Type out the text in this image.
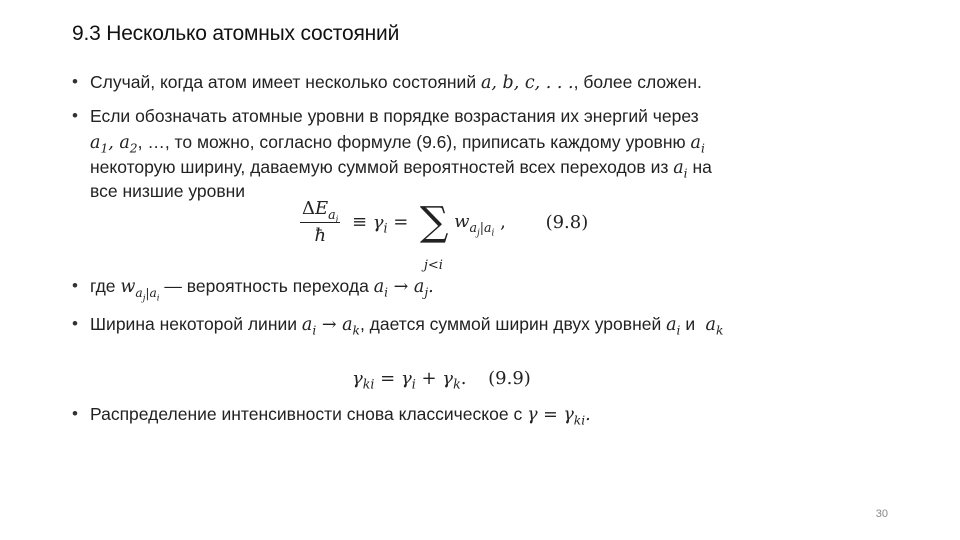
9.3 Несколько атомных состояний
• Случай, когда атом имеет несколько состояний a, b, c, . . ., более сложен.
• Если обозначать атомные уровни в порядке возрастания их энергий через
$a_1$, $a_2$, …, то можно, согласно формуле (9.6), приписать каждому уровню $a_i$
некоторую ширину, даваемую суммой вероятностей всех переходов из $a_i$ на
все низшие уровни
$\frac{\Delta E_{a_i}}{ħ} \equiv \gamma_i$ =  ∑
j<i
$w_{a_j|a_i}$ , (9.8)
• где $w_{a_j|a_i}$ — вероятность перехода $a_i \to a_j$.
• Ширина некоторой линии $a_i \to a_k$, дается суммой ширин двух уровней $a_i$ и  $a_k$
$\gamma_{ki} = \gamma_i + \gamma_k$. (9.9)
• Распределение интенсивности снова классическое с $\gamma = \gamma_{ki}$.
30
